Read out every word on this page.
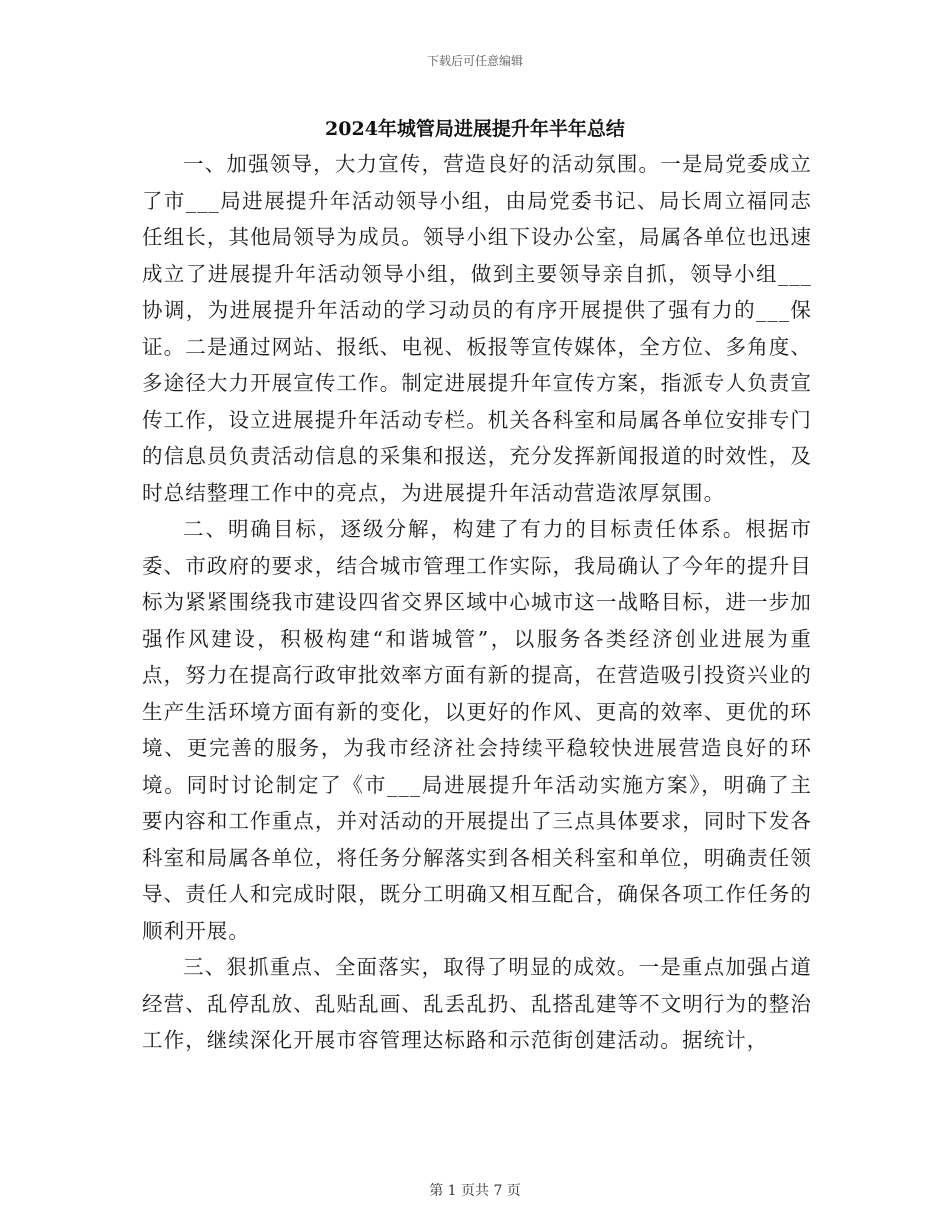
下载后可任意编辑
2024年城管局进展提升年半年总结

一、加强领导，大力宣传，营造良好的活动氛围。一是局党委成立了市___局进展提升年活动领导小组，由局党委书记、局长周立福同志任组长，其他局领导为成员。领导小组下设办公室，局属各单位也迅速成立了进展提升年活动领导小组，做到主要领导亲自抓，领导小组___协调，为进展提升年活动的学习动员的有序开展提供了强有力的___保证。二是通过网站、报纸、电视、板报等宣传媒体，全方位、多角度、多途径大力开展宣传工作。制定进展提升年宣传方案，指派专人负责宣传工作，设立进展提升年活动专栏。机关各科室和局属各单位安排专门的信息员负责活动信息的采集和报送，充分发挥新闻报道的时效性，及时总结整理工作中的亮点，为进展提升年活动营造浓厚氛围。

二、明确目标，逐级分解，构建了有力的目标责任体系。根据市委、市政府的要求，结合城市管理工作实际，我局确认了今年的提升目标为紧紧围绕我市建设四省交界区域中心城市这一战略目标，进一步加强作风建设，积极构建“和谐城管”，以服务各类经济创业进展为重点，努力在提高行政审批效率方面有新的提高，在营造吸引投资兴业的生产生活环境方面有新的变化，以更好的作风、更高的效率、更优的环境、更完善的服务，为我市经济社会持续平稳较快进展营造良好的环境。同时讨论制定了《市___局进展提升年活动实施方案》，明确了主要内容和工作重点，并对活动的开展提出了三点具体要求，同时下发各科室和局属各单位，将任务分解落实到各相关科室和单位，明确责任领导、责任人和完成时限，既分工明确又相互配合，确保各项工作任务的顺利开展。

三、狠抓重点、全面落实，取得了明显的成效。一是重点加强占道经营、乱停乱放、乱贴乱画、乱丢乱扔、乱搭乱建等不文明行为的整治工作，继续深化开展市容管理达标路和示范街创建活动。据统计，

第 1 页共 7 页
